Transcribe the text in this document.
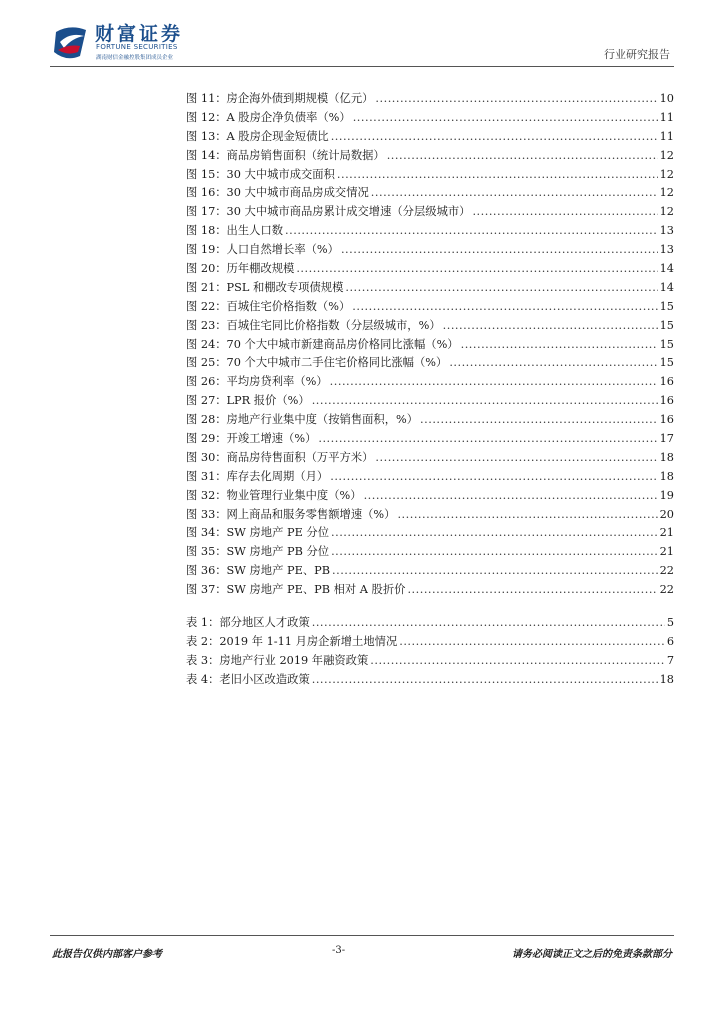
财富证券
FORTUNE SECURITIES
湖南财信金融控股集团成员企业	行业研究报告
图 11：房企海外债到期规模（亿元） .....	10
图 12：A 股房企净负债率（%） .....	11
图 13：A 股房企现金短债比 .....	11
图 14：商品房销售面积（统计局数据） .....	12
图 15：30 大中城市成交面积 .....	12
图 16：30 大中城市商品房成交情况 .....	12
图 17：30 大中城市商品房累计成交增速（分层级城市） .....	12
图 18：出生人口数 .....	13
图 19：人口自然增长率（%） .....	13
图 20：历年棚改规模 .....	14
图 21：PSL 和棚改专项债规模 .....	14
图 22：百城住宅价格指数（%） .....	15
图 23：百城住宅同比价格指数（分层级城市，%） .....	15
图 24：70 个大中城市新建商品房价格同比涨幅（%） .....	15
图 25：70 个大中城市二手住宅价格同比涨幅（%） .....	15
图 26：平均房贷利率（%） .....	16
图 27：LPR 报价（%） .....	16
图 28：房地产行业集中度（按销售面积，%） .....	16
图 29：开竣工增速（%） .....	17
图 30：商品房待售面积（万平方米） .....	18
图 31：库存去化周期（月） .....	18
图 32：物业管理行业集中度（%） .....	19
图 33：网上商品和服务零售额增速（%） .....	20
图 34：SW 房地产 PE 分位 .....	21
图 35：SW 房地产 PB 分位 .....	21
图 36：SW 房地产 PE、PB .....	22
图 37：SW 房地产 PE、PB 相对 A 股折价 .....	22
表 1：部分地区人才政策 .....	5
表 2：2019 年 1-11 月房企新增土地情况 .....	6
表 3：房地产行业 2019 年融资政策 .....	7
表 4：老旧小区改造政策 .....	18
此报告仅供内部客户参考	-3-	请务必阅读正文之后的免责条款部分
